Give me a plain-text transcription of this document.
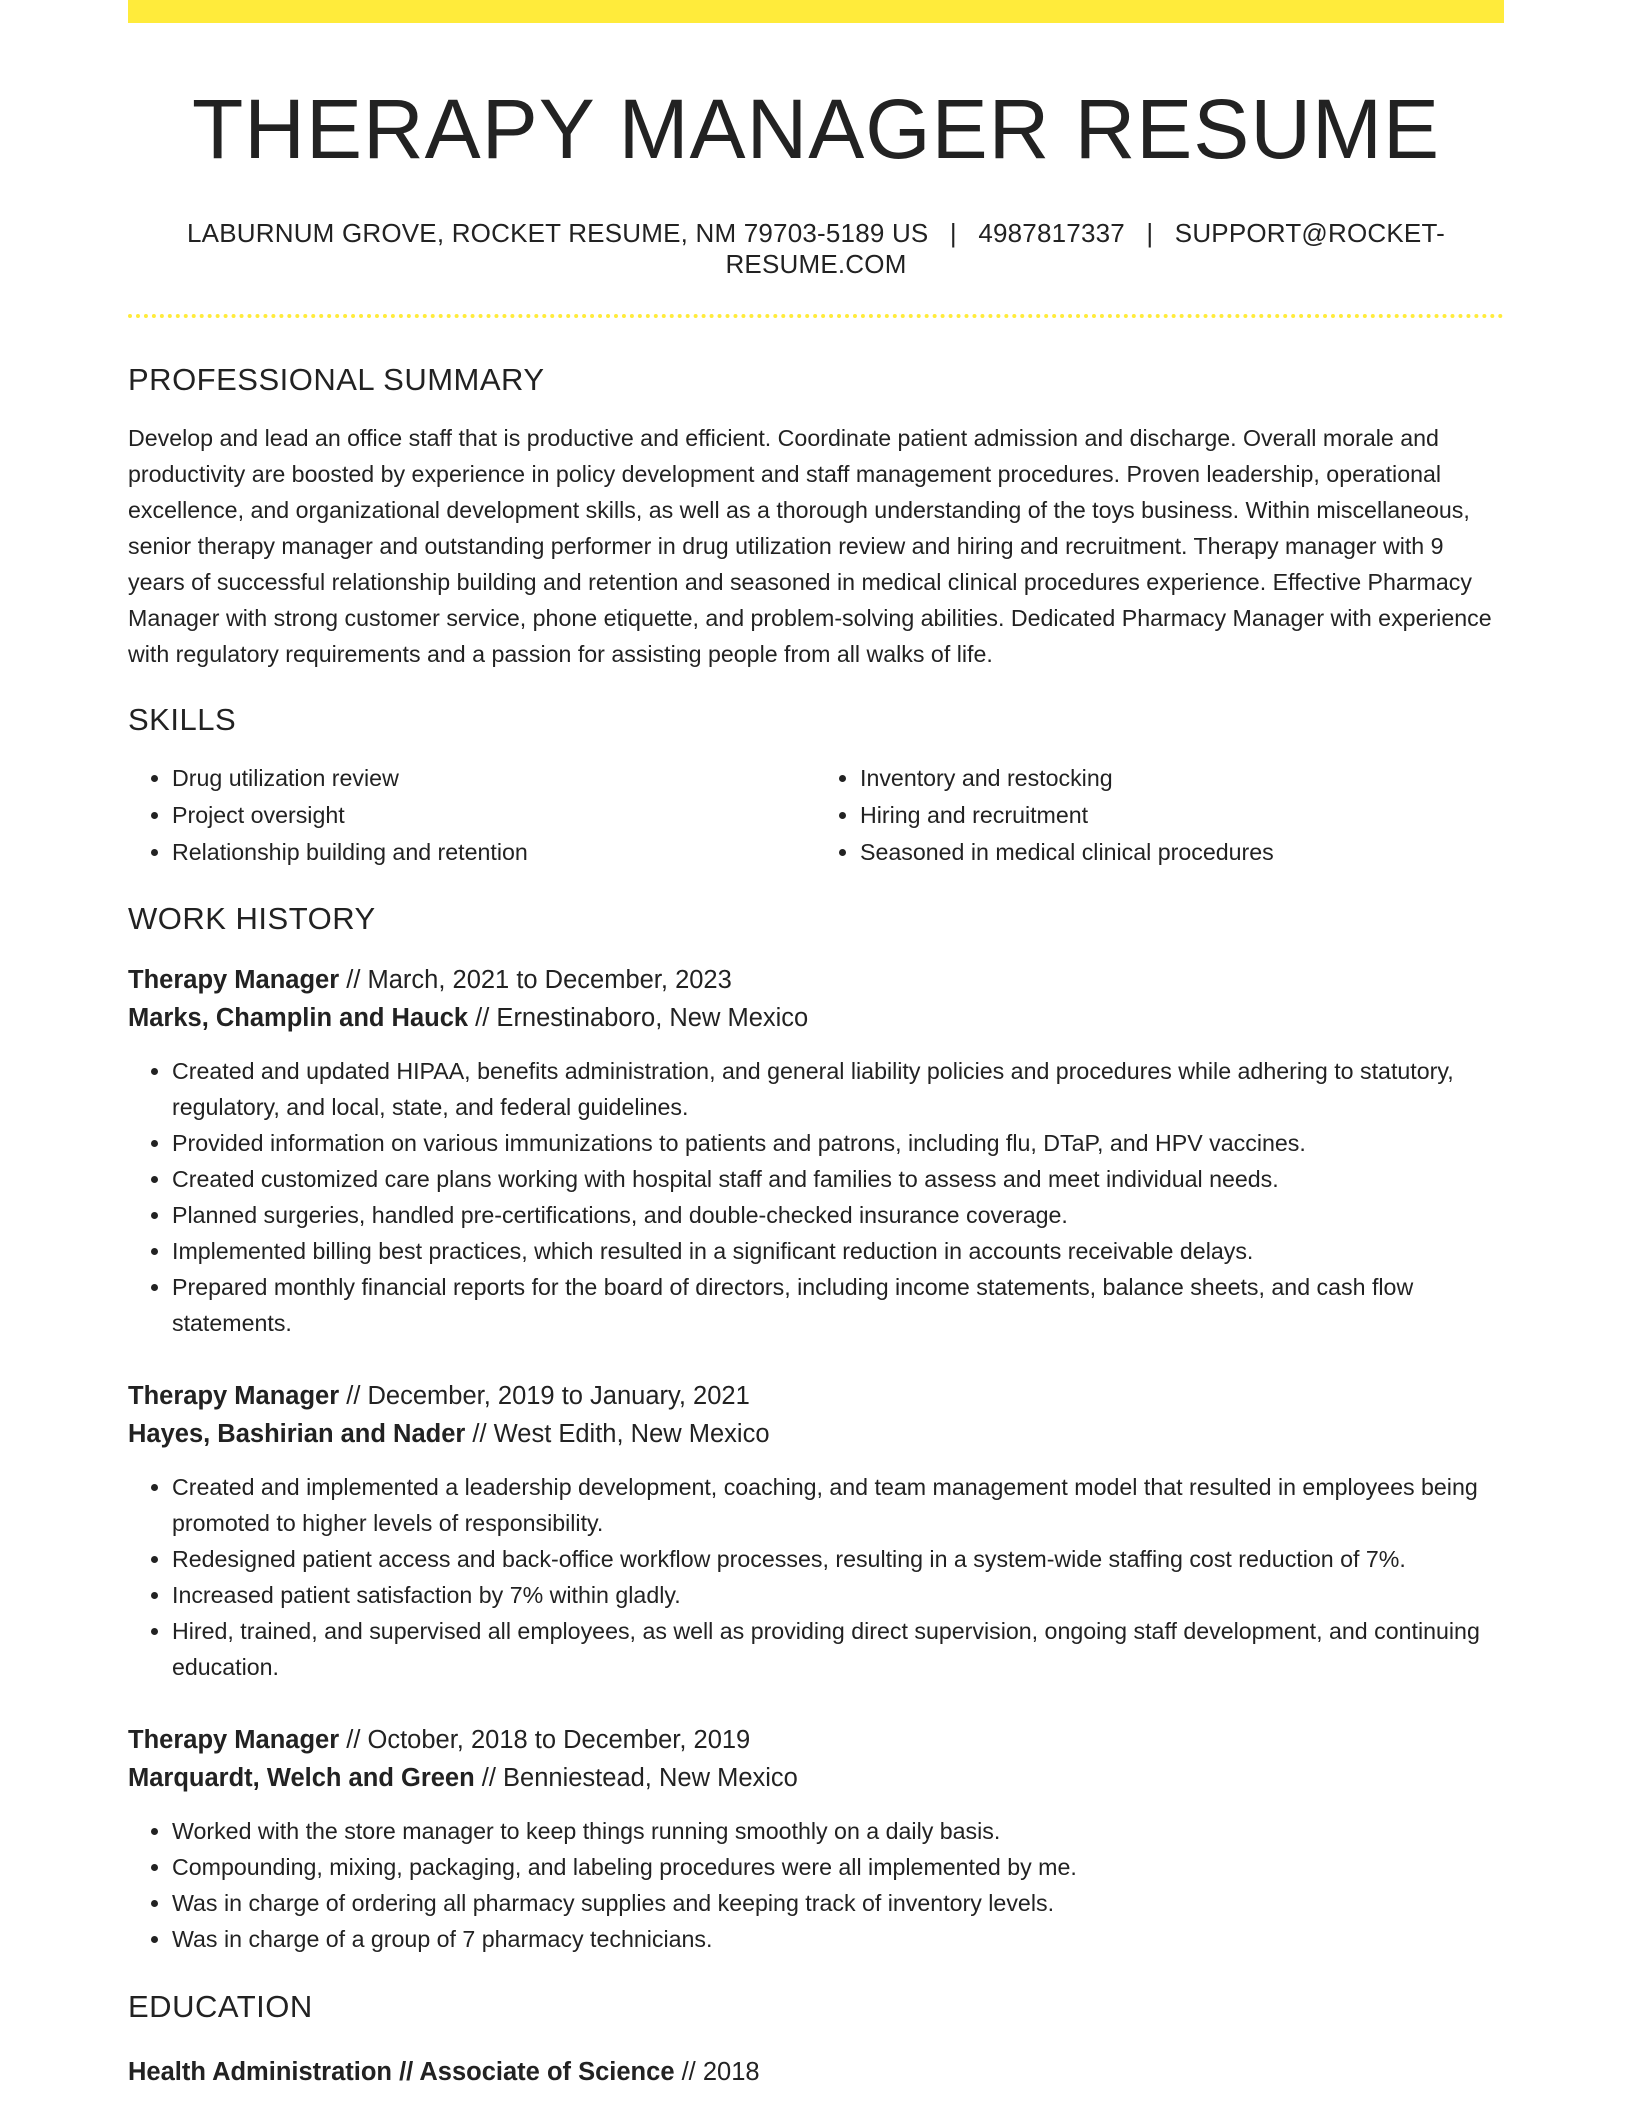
THERAPY MANAGER RESUME
LABURNUM GROVE, ROCKET RESUME, NM 79703-5189 US | 4987817337 | SUPPORT@ROCKET-RESUME.COM
PROFESSIONAL SUMMARY
Develop and lead an office staff that is productive and efficient. Coordinate patient admission and discharge. Overall morale and productivity are boosted by experience in policy development and staff management procedures. Proven leadership, operational excellence, and organizational development skills, as well as a thorough understanding of the toys business. Within miscellaneous, senior therapy manager and outstanding performer in drug utilization review and hiring and recruitment. Therapy manager with 9 years of successful relationship building and retention and seasoned in medical clinical procedures experience. Effective Pharmacy Manager with strong customer service, phone etiquette, and problem-solving abilities. Dedicated Pharmacy Manager with experience with regulatory requirements and a passion for assisting people from all walks of life.
SKILLS
• Drug utilization review
• Project oversight
• Relationship building and retention
• Inventory and restocking
• Hiring and recruitment
• Seasoned in medical clinical procedures
WORK HISTORY
Therapy Manager // March, 2021 to December, 2023
Marks, Champlin and Hauck // Ernestinaboro, New Mexico
• Created and updated HIPAA, benefits administration, and general liability policies and procedures while adhering to statutory, regulatory, and local, state, and federal guidelines.
• Provided information on various immunizations to patients and patrons, including flu, DTaP, and HPV vaccines.
• Created customized care plans working with hospital staff and families to assess and meet individual needs.
• Planned surgeries, handled pre-certifications, and double-checked insurance coverage.
• Implemented billing best practices, which resulted in a significant reduction in accounts receivable delays.
• Prepared monthly financial reports for the board of directors, including income statements, balance sheets, and cash flow statements.
Therapy Manager // December, 2019 to January, 2021
Hayes, Bashirian and Nader // West Edith, New Mexico
• Created and implemented a leadership development, coaching, and team management model that resulted in employees being promoted to higher levels of responsibility.
• Redesigned patient access and back-office workflow processes, resulting in a system-wide staffing cost reduction of 7%.
• Increased patient satisfaction by 7% within gladly.
• Hired, trained, and supervised all employees, as well as providing direct supervision, ongoing staff development, and continuing education.
Therapy Manager // October, 2018 to December, 2019
Marquardt, Welch and Green // Benniestead, New Mexico
• Worked with the store manager to keep things running smoothly on a daily basis.
• Compounding, mixing, packaging, and labeling procedures were all implemented by me.
• Was in charge of ordering all pharmacy supplies and keeping track of inventory levels.
• Was in charge of a group of 7 pharmacy technicians.
EDUCATION
Health Administration // Associate of Science // 2018
